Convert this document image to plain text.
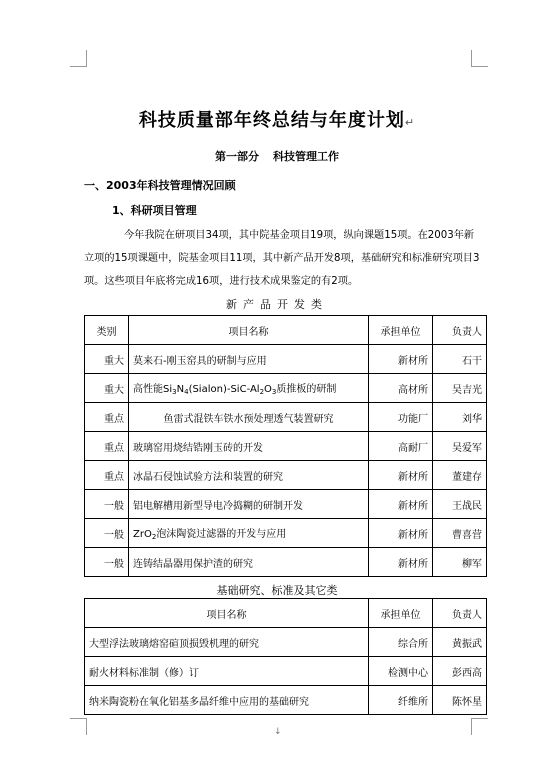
科技质量部年终总结与年度计划↵
第一部分 科技管理工作
一、2003年科技管理情况回顾
1、科研项目管理
今年我院在研项目34项，其中院基金项目19项，纵向课题15项。在2003年新立项的15项课题中，院基金项目11项，其中新产品开发8项，基础研究和标准研究项目3项。这些项目年底将完成16项，进行技术成果鉴定的有2项。
新产品开发类
类别	项目名称	承担单位	负责人
重大	莫来石-刚玉窑具的研制与应用	新材所	石干
重大	高性能$Si_3N_4(Sialon)-SiC-Al_2O_3$质推板的研制	高材所	吴吉光
重点	鱼雷式混铁车铁水预处理透气装置研究	功能厂	刘华
重点	玻璃窑用烧结锆刚玉砖的开发	高耐厂	吴爱军
重点	冰晶石侵蚀试验方法和装置的研究	新材所	董建存
一般	铝电解槽用新型导电冷捣糊的研制开发	新材所	王战民
一般	ZrO$_2$泡沫陶瓷过滤器的开发与应用	新材所	曹喜营
一般	连铸结晶器用保护渣的研究	新材所	柳军
基础研究、标准及其它类
项目名称	承担单位	负责人
大型浮法玻璃熔窑碹顶损毁机理的研究	综合所	黄振武
耐火材料标准制（修）订	检测中心	彭西高
纳米陶瓷粉在氧化铝基多晶纤维中应用的基础研究	纤维所	陈怀星
↓
